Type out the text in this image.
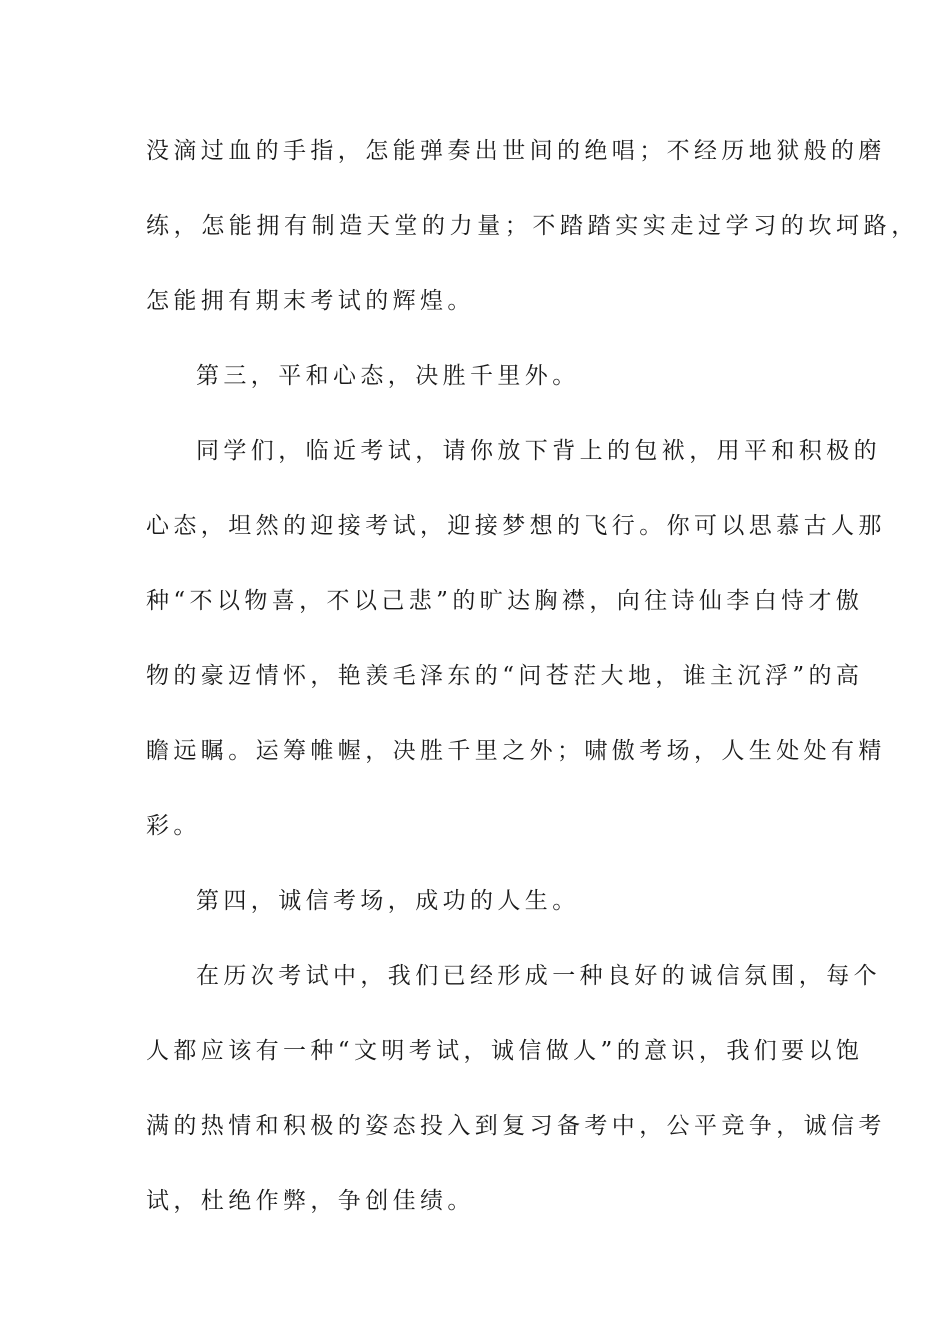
没滴过血的手指，怎能弹奏出世间的绝唱；不经历地狱般的磨
练，怎能拥有制造天堂的力量；不踏踏实实走过学习的坎坷路，
怎能拥有期末考试的辉煌。
第三，平和心态，决胜千里外。
同学们，临近考试，请你放下背上的包袱，用平和积极的
心态，坦然的迎接考试，迎接梦想的飞行。你可以思慕古人那
种“不以物喜，不以己悲”的旷达胸襟，向往诗仙李白恃才傲
物的豪迈情怀，艳羡毛泽东的“问苍茫大地，谁主沉浮”的高
瞻远瞩。运筹帷幄，决胜千里之外；啸傲考场，人生处处有精
彩。
第四，诚信考场，成功的人生。
在历次考试中，我们已经形成一种良好的诚信氛围，每个
人都应该有一种“文明考试，诚信做人”的意识，我们要以饱
满的热情和积极的姿态投入到复习备考中，公平竞争，诚信考
试，杜绝作弊，争创佳绩。
